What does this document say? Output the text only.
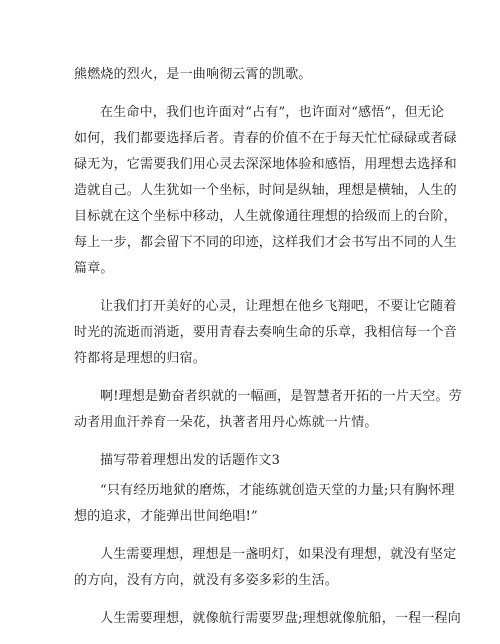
熊燃烧的烈火，是一曲响彻云霄的凯歌。
在生命中，我们也许面对“占有”，也许面对“感悟”，但无论
如何，我们都要选择后者。青春的价值不在于每天忙忙碌碌或者碌
碌无为，它需要我们用心灵去深深地体验和感悟，用理想去选择和
造就自己。人生犹如一个坐标，时间是纵轴，理想是横轴，人生的
目标就在这个坐标中移动，人生就像通往理想的拾级而上的台阶，
每上一步，都会留下不同的印迹，这样我们才会书写出不同的人生
篇章。
让我们打开美好的心灵，让理想在他乡飞翔吧，不要让它随着
时光的流逝而消逝，要用青春去奏响生命的乐章，我相信每一个音
符都将是理想的归宿。
啊!理想是勤奋者织就的一幅画，是智慧者开拓的一片天空。劳
动者用血汗养育一朵花，执著者用丹心炼就一片情。
描写带着理想出发的话题作文3
“只有经历地狱的磨炼，才能练就创造天堂的力量;只有胸怀理
想的追求，才能弹出世间绝唱!”
人生需要理想，理想是一盏明灯，如果没有理想，就没有坚定
的方向，没有方向，就没有多姿多彩的生活。
人生需要理想，就像航行需要罗盘;理想就像航船，一程一程向
